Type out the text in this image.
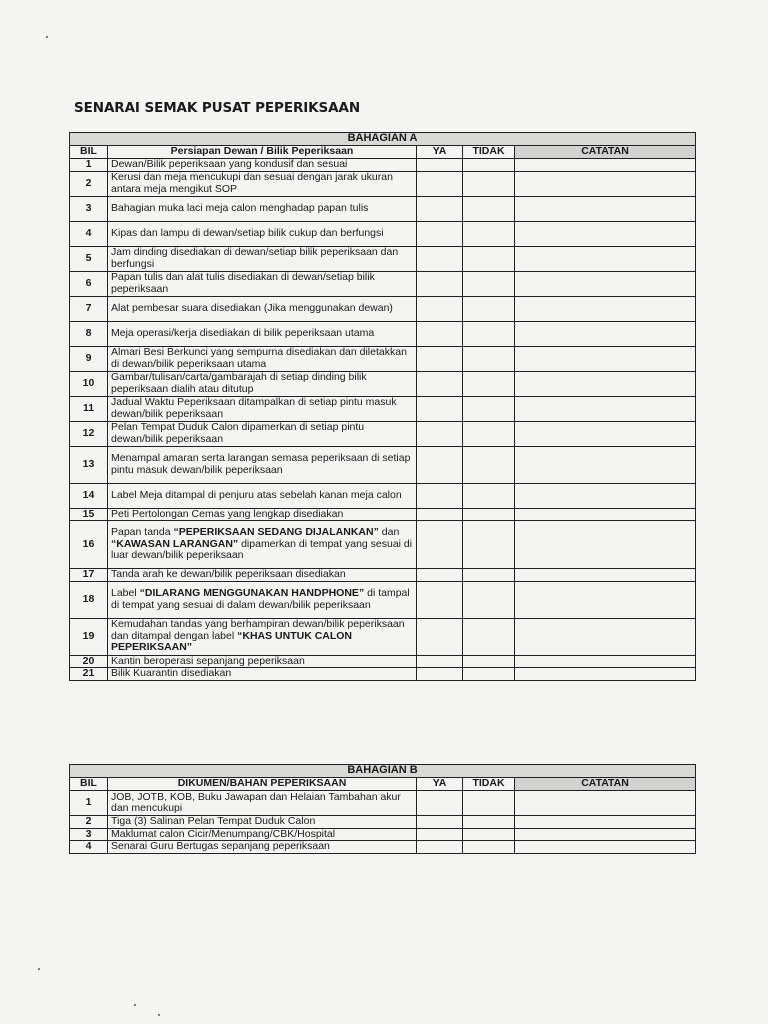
SENARAI SEMAK PUSAT PEPERIKSAAN
BAHAGIAN A				
BIL	Persiapan Dewan / Bilik Peperiksaan	YA	TIDAK	CATATAN
1	Dewan/Bilik peperiksaan yang kondusif dan sesuai			
2	Kerusi dan meja mencukupi dan sesuai dengan jarak ukuran antara meja mengikut SOP			
3	Bahagian muka laci meja calon menghadap papan tulis			
4	Kipas dan lampu di dewan/setiap bilik cukup dan berfungsi			
5	Jam dinding disediakan di dewan/setiap bilik peperiksaan dan berfungsi			
6	Papan tulis dan alat tulis disediakan di dewan/setiap bilik peperiksaan			
7	Alat pembesar suara disediakan (Jika menggunakan dewan)			
8	Meja operasi/kerja disediakan di bilik peperiksaan utama			
9	Almari Besi Berkunci yang sempurna disediakan dan diletakkan di dewan/bilik peperiksaan utama			
10	Gambar/tulisan/carta/gambarajah di setiap dinding bilik peperiksaan dialih atau ditutup			
11	Jadual Waktu Peperiksaan ditampalkan di setiap pintu masuk dewan/bilik peperiksaan			
12	Pelan Tempat Duduk Calon dipamerkan di setiap pintu dewan/bilik peperiksaan			
13	Menampal amaran serta larangan semasa peperiksaan di setiap pintu masuk dewan/bilik peperiksaan			
14	Label Meja ditampal di penjuru atas sebelah kanan meja calon			
15	Peti Pertolongan Cemas yang lengkap disediakan			
16	Papan tanda “PEPERIKSAAN SEDANG DIJALANKAN” dan “KAWASAN LARANGAN” dipamerkan di tempat yang sesuai di luar dewan/bilik peperiksaan			
17	Tanda arah ke dewan/bilik peperiksaan disediakan			
18	Label “DILARANG MENGGUNAKAN HANDPHONE” di tampal di tempat yang sesuai di dalam dewan/bilik peperiksaan			
19	Kemudahan tandas yang berhampiran dewan/bilik peperiksaan dan ditampal dengan label “KHAS UNTUK CALON PEPERIKSAAN”			
20	Kantin beroperasi sepanjang peperiksaan			
21	Bilik Kuarantin disediakan			
BAHAGIAN B				
BIL	DIKUMEN/BAHAN PEPERIKSAAN	YA	TIDAK	CATATAN
1	JOB, JOTB, KOB, Buku Jawapan dan Helaian Tambahan akur dan mencukupi			
2	Tiga (3) Salinan Pelan Tempat Duduk Calon			
3	Maklumat calon Cicir/Menumpang/CBK/Hospital			
4	Senarai Guru Bertugas sepanjang peperiksaan			
